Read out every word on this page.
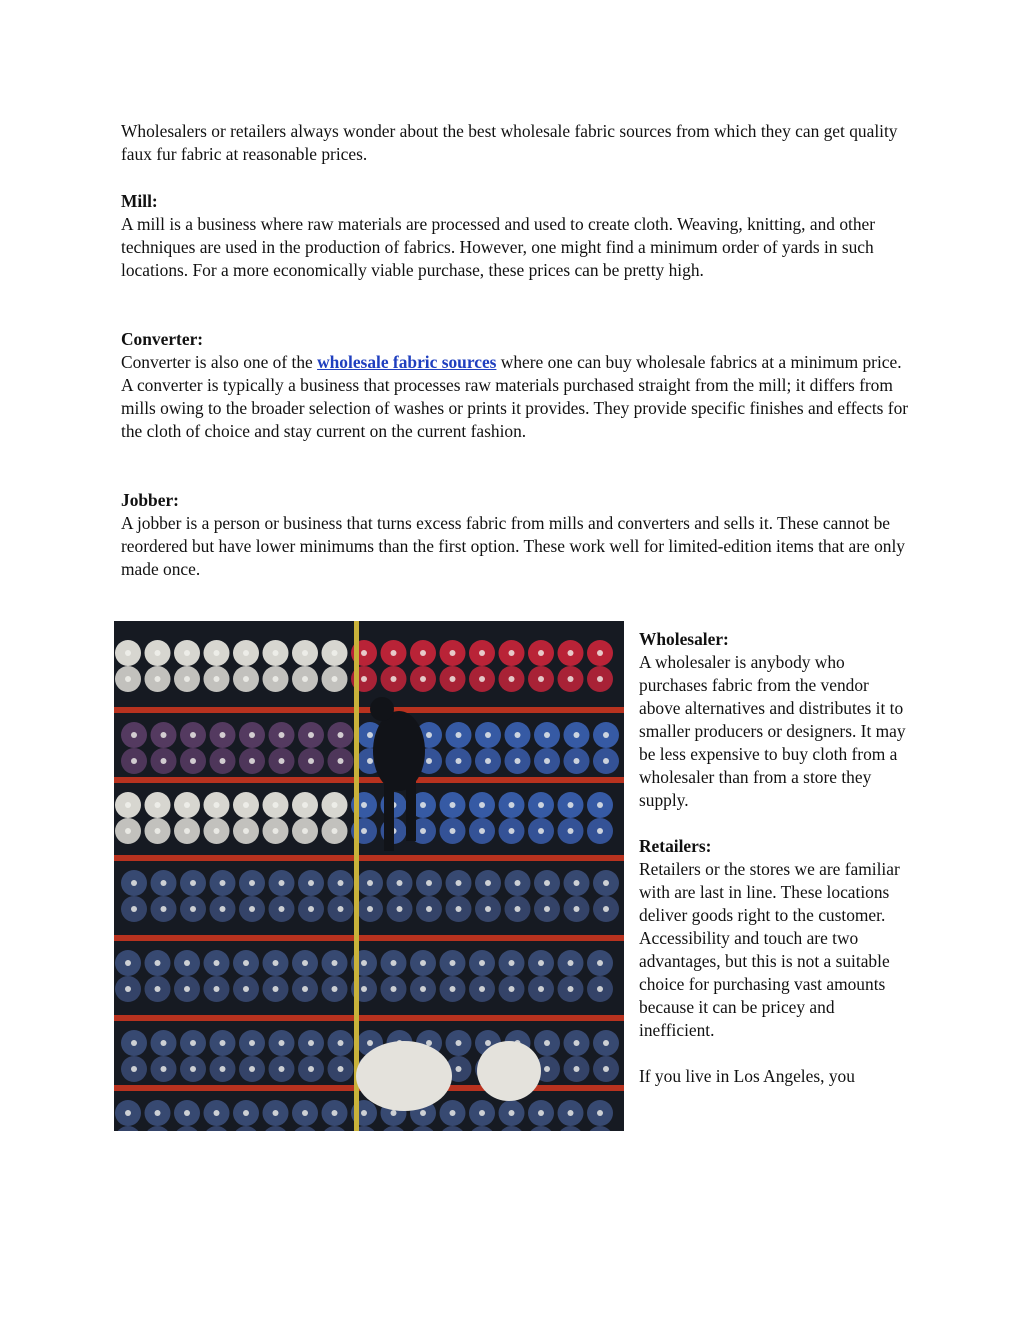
Wholesalers or retailers always wonder about the best wholesale fabric sources from which they can get quality faux fur fabric at reasonable prices.

Mill:

A mill is a business where raw materials are processed and used to create cloth. Weaving, knitting, and other techniques are used in the production of fabrics. However, one might find a minimum order of yards in such locations. For a more economically viable purchase, these prices can be pretty high.

Converter:

Converter is also one of the wholesale fabric sources where one can buy wholesale fabrics at a minimum price. A converter is typically a business that processes raw materials purchased straight from the mill; it differs from mills owing to the broader selection of washes or prints it provides. They provide specific finishes and effects for the cloth of choice and stay current on the current fashion.

Jobber:

A jobber is a person or business that turns excess fabric from mills and converters and sells it. These cannot be reordered but have lower minimums than the first option. These work well for limited-edition items that are only made once.

Wholesaler:

A wholesaler is anybody who purchases fabric from the vendor above alternatives and distributes it to smaller producers or designers. It may be less expensive to buy cloth from a wholesaler than from a store they supply.

Retailers:

Retailers or the stores we are familiar with are last in line. These locations deliver goods right to the customer. Accessibility and touch are two advantages, but this is not a suitable choice for purchasing vast amounts because it can be pricey and inefficient.

If you live in Los Angeles, you
